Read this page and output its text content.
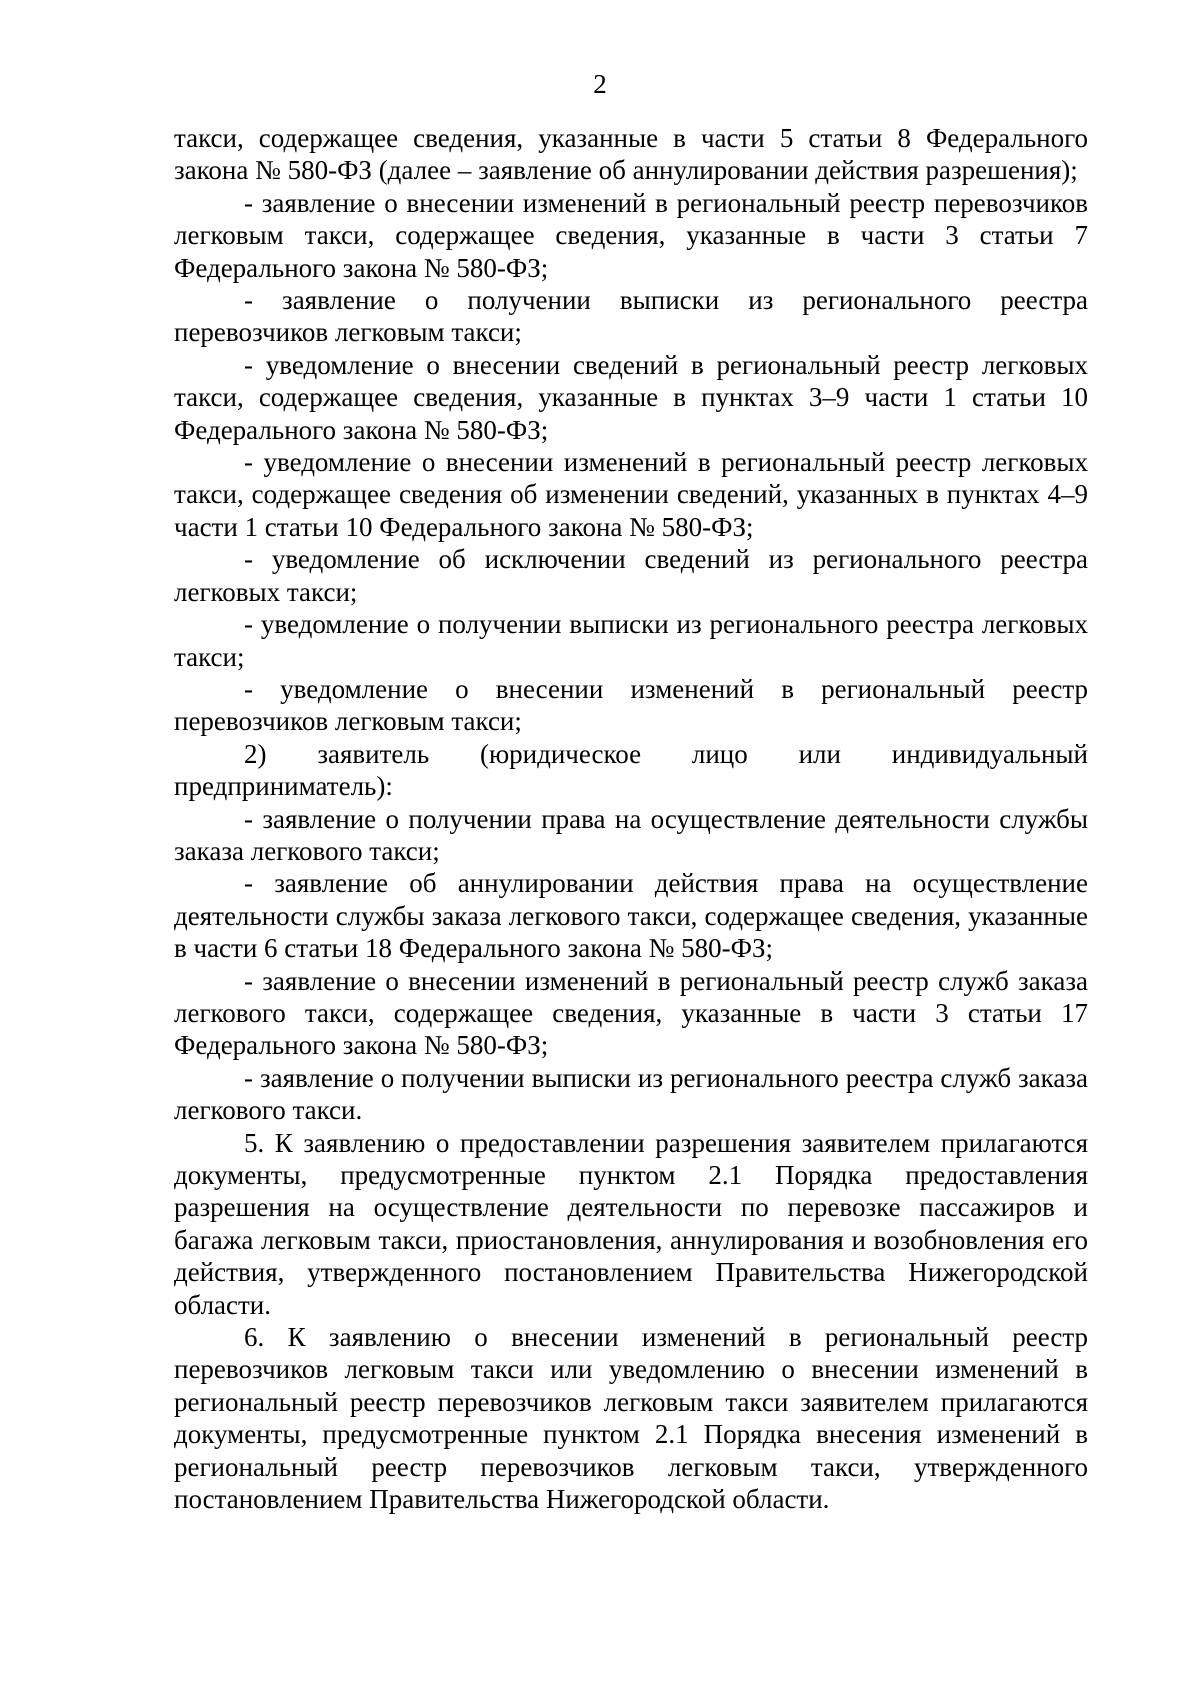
2

такси, содержащее сведения, указанные в части 5 статьи 8 Федерального закона № 580-ФЗ (далее – заявление об аннулировании действия разрешения);

- заявление о внесении изменений в региональный реестр перевозчиков легковым такси, содержащее сведения, указанные в части 3 статьи 7 Федерального закона № 580-ФЗ;

- заявление о получении выписки из регионального реестра перевозчиков легковым такси;

- уведомление о внесении сведений в региональный реестр легковых такси, содержащее сведения, указанные в пунктах 3–9 части 1 статьи 10 Федерального закона № 580-ФЗ;

- уведомление о внесении изменений в региональный реестр легковых такси, содержащее сведения об изменении сведений, указанных в пунктах 4–9 части 1 статьи 10 Федерального закона № 580-ФЗ;

- уведомление об исключении сведений из регионального реестра легковых такси;

- уведомление о получении выписки из регионального реестра легковых такси;

- уведомление о внесении изменений в региональный реестр перевозчиков легковым такси;

2) заявитель (юридическое лицо или индивидуальный предприниматель):

- заявление о получении права на осуществление деятельности службы заказа легкового такси;

- заявление об аннулировании действия права на осуществление деятельности службы заказа легкового такси, содержащее сведения, указанные в части 6 статьи 18 Федерального закона № 580-ФЗ;

- заявление о внесении изменений в региональный реестр служб заказа легкового такси, содержащее сведения, указанные в части 3 статьи 17 Федерального закона № 580-ФЗ;

- заявление о получении выписки из регионального реестра служб заказа легкового такси.

5. К заявлению о предоставлении разрешения заявителем прилагаются документы, предусмотренные пунктом 2.1 Порядка предоставления разрешения на осуществление деятельности по перевозке пассажиров и багажа легковым такси, приостановления, аннулирования и возобновления его действия, утвержденного постановлением Правительства Нижегородской области.

6. К заявлению о внесении изменений в региональный реестр перевозчиков легковым такси или уведомлению о внесении изменений в региональный реестр перевозчиков легковым такси заявителем прилагаются документы, предусмотренные пунктом 2.1 Порядка внесения изменений в региональный реестр перевозчиков легковым такси, утвержденного постановлением Правительства Нижегородской области.
